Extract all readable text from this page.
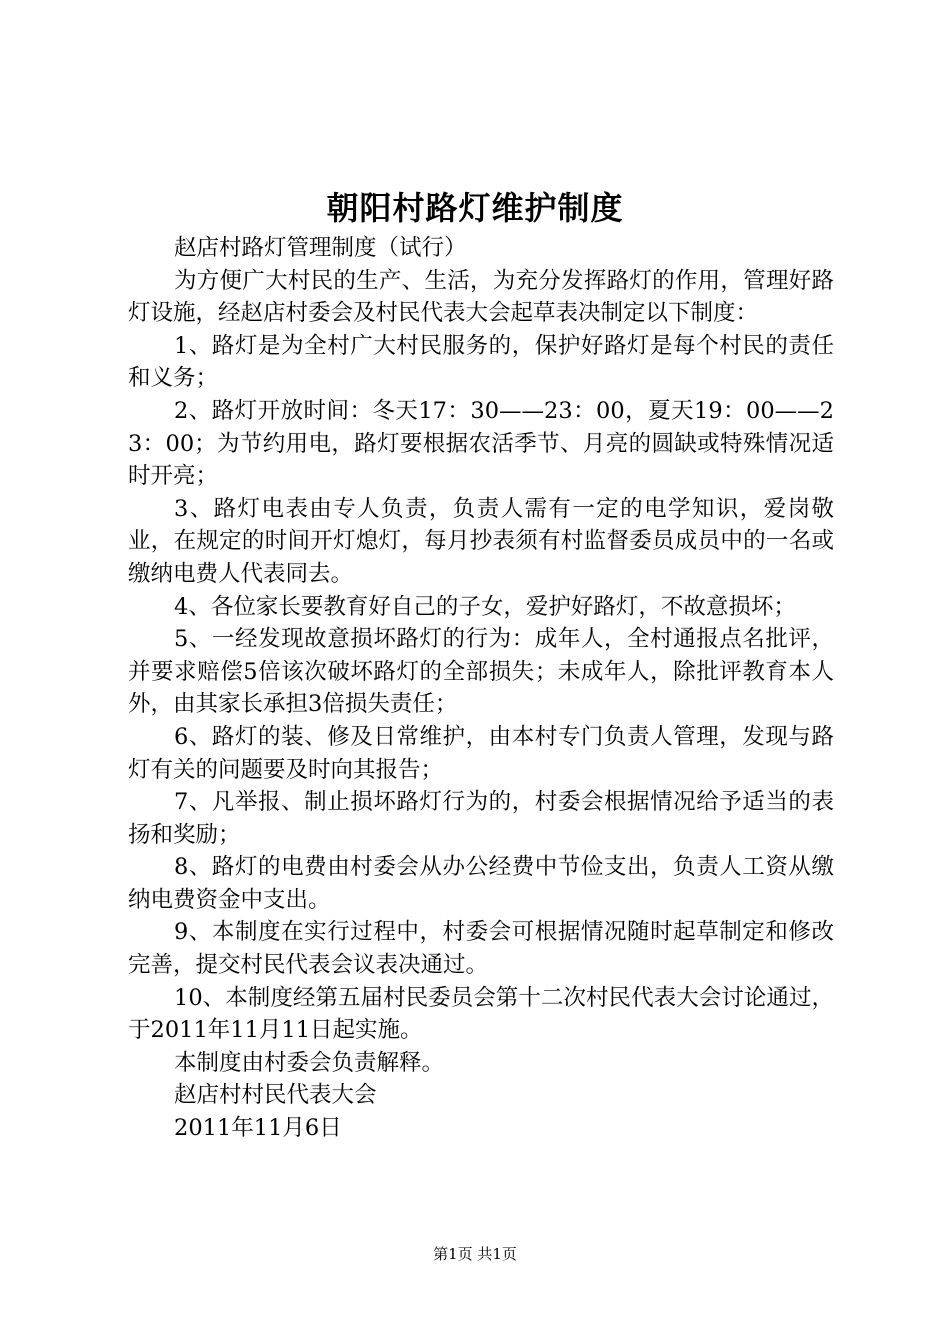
朝阳村路灯维护制度

赵店村路灯管理制度（试行）

为方便广大村民的生产、生活，为充分发挥路灯的作用，管理好路灯设施，经赵店村委会及村民代表大会起草表决制定以下制度：

1、路灯是为全村广大村民服务的，保护好路灯是每个村民的责任和义务；

2、路灯开放时间：冬天17：30——23：00，夏天19：00——23：00；为节约用电，路灯要根据农活季节、月亮的圆缺或特殊情况适时开亮；

3、路灯电表由专人负责，负责人需有一定的电学知识，爱岗敬业，在规定的时间开灯熄灯，每月抄表须有村监督委员成员中的一名或缴纳电费人代表同去。

4、各位家长要教育好自己的子女，爱护好路灯，不故意损坏；

5、一经发现故意损坏路灯的行为：成年人，全村通报点名批评，并要求赔偿5倍该次破坏路灯的全部损失；未成年人，除批评教育本人外，由其家长承担3倍损失责任；

6、路灯的装、修及日常维护，由本村专门负责人管理，发现与路灯有关的问题要及时向其报告；

7、凡举报、制止损坏路灯行为的，村委会根据情况给予适当的表扬和奖励；

8、路灯的电费由村委会从办公经费中节俭支出，负责人工资从缴纳电费资金中支出。

9、本制度在实行过程中，村委会可根据情况随时起草制定和修改完善，提交村民代表会议表决通过。

10、本制度经第五届村民委员会第十二次村民代表大会讨论通过，于2011年11月11日起实施。

本制度由村委会负责解释。

赵店村村民代表大会

2011年11月6日

第1页 共1页
